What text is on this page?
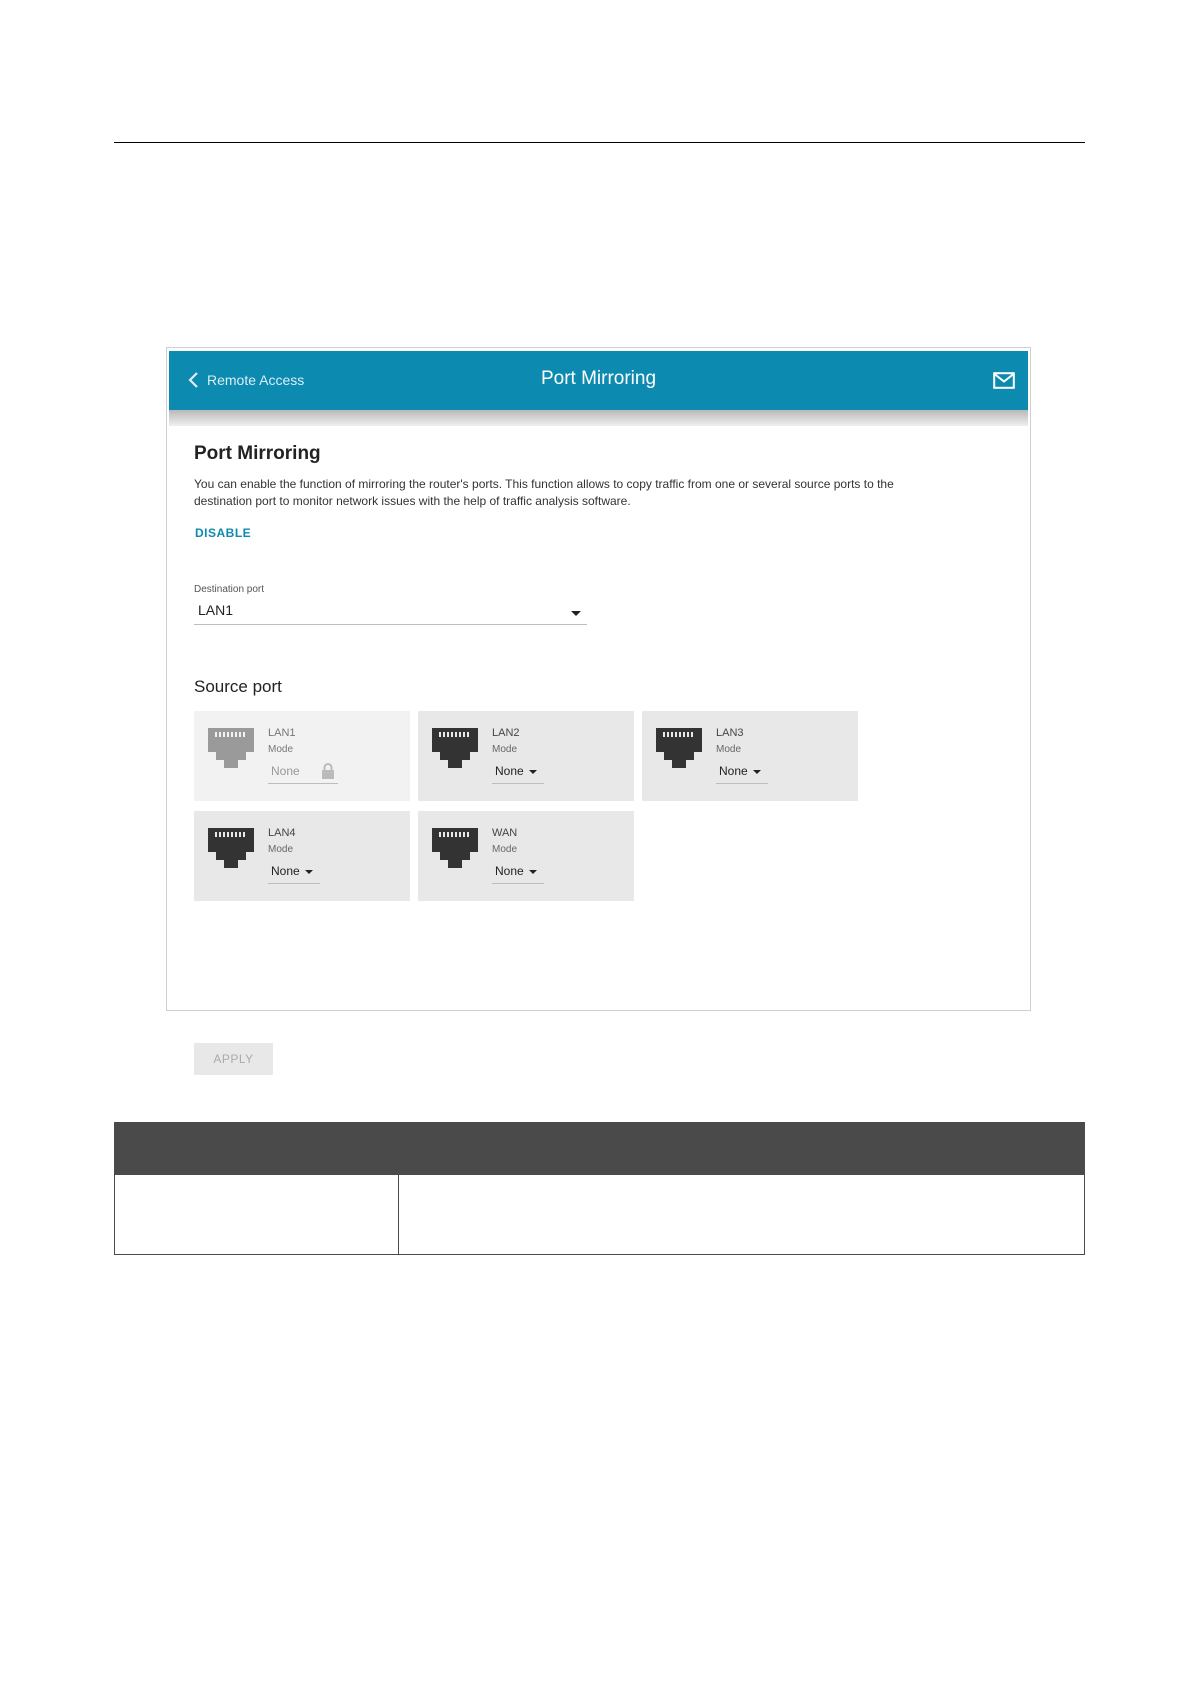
Remote Access	Port Mirroring
Port Mirroring
You can enable the function of mirroring the router's ports. This function allows to copy traffic from one or several source ports to the
destination port to monitor network issues with the help of traffic analysis software.
DISABLE
Destination port
LAN1
Source port
LAN1
Mode
None
LAN2
Mode
None
LAN3
Mode
None
LAN4
Mode
None
WAN
Mode
None
APPLY
